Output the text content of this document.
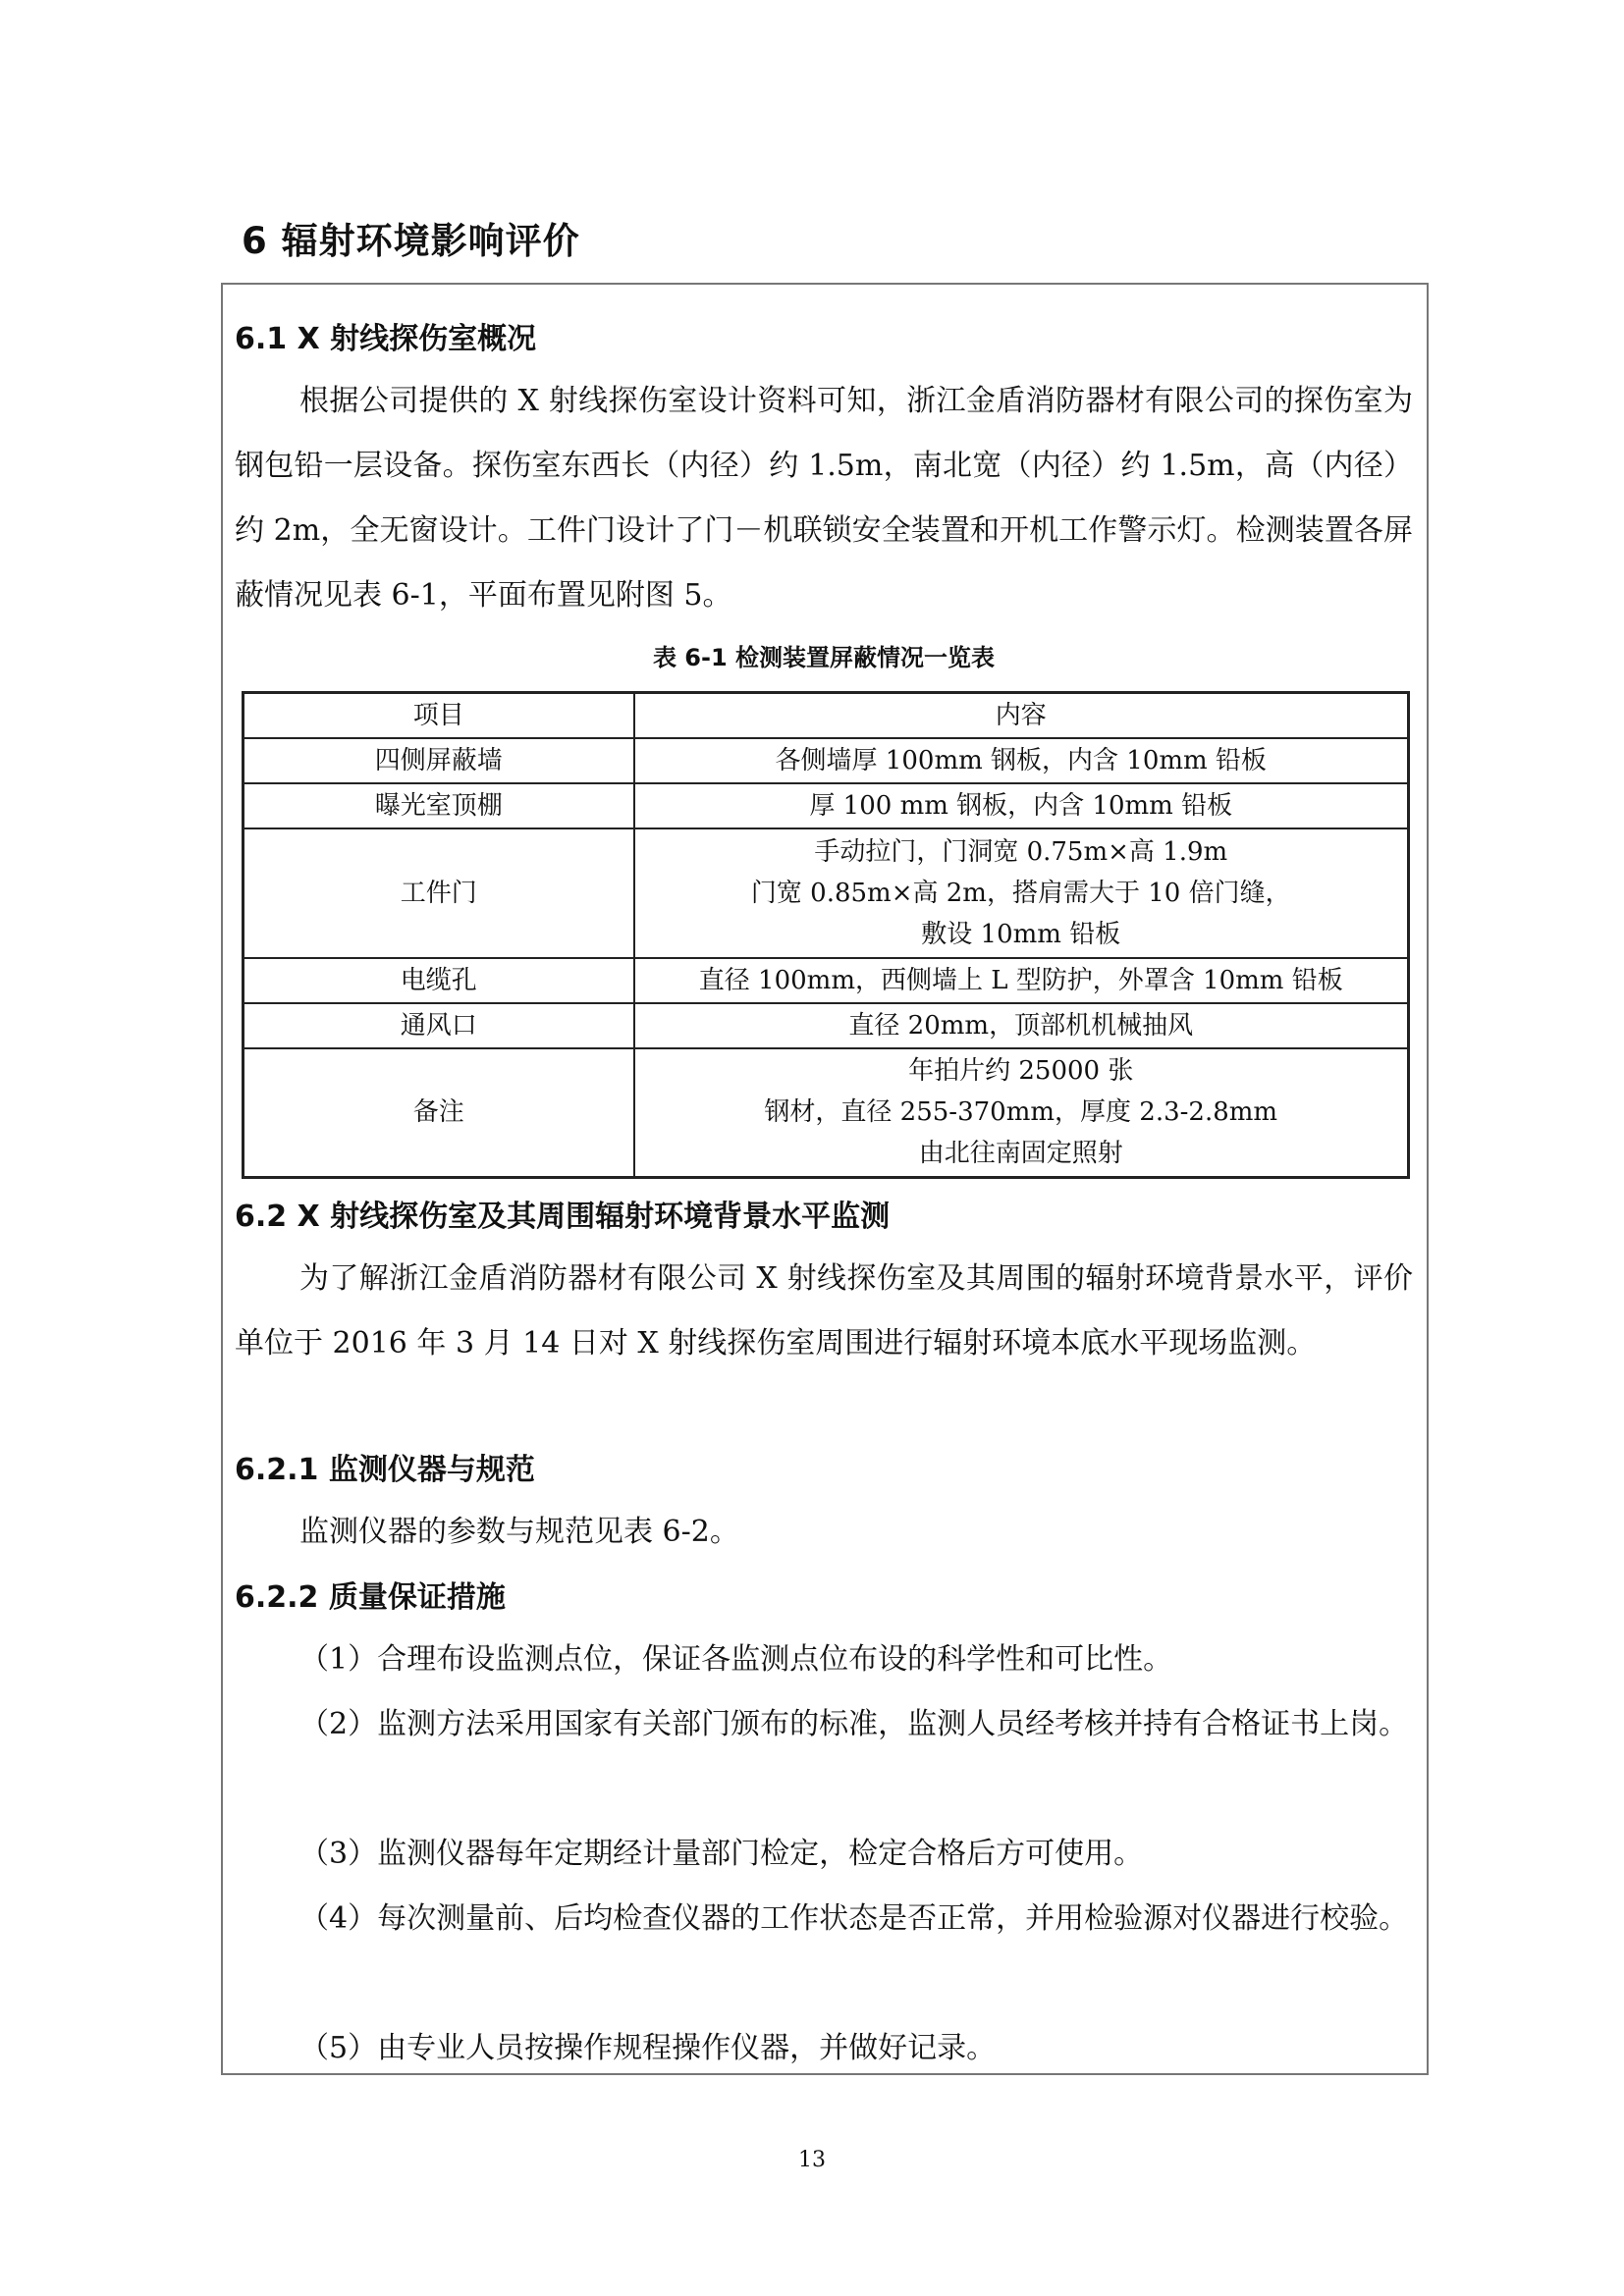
6 辐射环境影响评价
6.1 X 射线探伤室概况

根据公司提供的 X 射线探伤室设计资料可知，浙江金盾消防器材有限公司的探伤室为钢包铅一层设备。探伤室东西长（内径）约 1.5m，南北宽（内径）约 1.5m，高（内径）约 2m，全无窗设计。工件门设计了门－机联锁安全装置和开机工作警示灯。检测装置各屏蔽情况见表 6-1，平面布置见附图 5。

表 6-1 检测装置屏蔽情况一览表

项目	内容
四侧屏蔽墙	各侧墙厚 100mm 钢板，内含 10mm 铅板

曝光室顶棚	厚 100 mm 钢板，内含 10mm 铅板

工件门	手动拉门，门洞宽 0.75m×高 1.9m
门宽 0.85m×高 2m，搭肩需大于 10 倍门缝，
敷设 10mm 铅板

电缆孔	直径 100mm，西侧墙上 L 型防护，外罩含 10mm 铅板

通风口	直径 20mm，顶部机机械抽风

备注	年拍片约 25000 张
钢材，直径 255-370mm，厚度 2.3-2.8mm
由北往南固定照射
6.2 X 射线探伤室及其周围辐射环境背景水平监测

为了解浙江金盾消防器材有限公司 X 射线探伤室及其周围的辐射环境背景水平，评价单位于 2016 年 3 月 14 日对 X 射线探伤室周围进行辐射环境本底水平现场监测。

6.2.1 监测仪器与规范

监测仪器的参数与规范见表 6-2。

6.2.2 质量保证措施

（1）合理布设监测点位，保证各监测点位布设的科学性和可比性。

（2）监测方法采用国家有关部门颁布的标准，监测人员经考核并持有合格证书上岗。

（3）监测仪器每年定期经计量部门检定，检定合格后方可使用。

（4）每次测量前、后均检查仪器的工作状态是否正常，并用检验源对仪器进行校验。

（5）由专业人员按操作规程操作仪器，并做好记录。

13
